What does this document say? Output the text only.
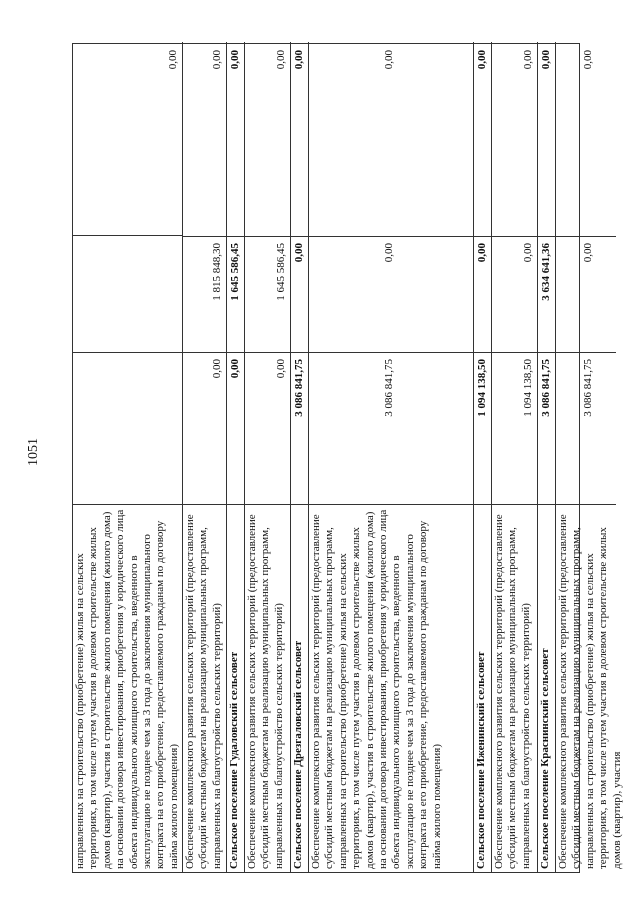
1051
направленных на строительство (приобретение) жилья на сельских территориях, в том числе путем участия в долевом строительстве жилых домов (квартир), участия в строительстве жилого помещения (жилого дома) на основании договора инвестирования, приобретения у юридического лица объекта индивидуального жилищного строительства, введенного в эксплуатацию не позднее чем за 3 года до заключения муниципального контракта на его приобретение, предоставляемого гражданам по договору найма жилого помещения)
0,00
Обеспечение комплексного развития сельских территорий (предоставление субсидий местным бюджетам на реализацию муниципальных программ, направленных на благоустройство сельских территорий)
0,00
1 815 848,30
0,00
Сельское поселение Гудаловский сельсовет
0,00
1 645 586,45
0,00
Обеспечение комплексного развития сельских территорий (предоставление субсидий местным бюджетам на реализацию муниципальных программ, направленных на благоустройство сельских территорий)
0,00
1 645 586,45
0,00
Сельское поселение Дрезгаловский сельсовет
3 086 841,75
0,00
0,00
Обеспечение комплексного развития сельских территорий (предоставление субсидий местным бюджетам на реализацию муниципальных программ, направленных на строительство (приобретение) жилья на сельских территориях, в том числе путем участия в долевом строительстве жилых домов (квартир), участия в строительстве жилого помещения (жилого дома) на основании договора инвестирования, приобретения у юридического лица объекта индивидуального жилищного строительства, введенного в эксплуатацию не позднее чем за 3 года до заключения муниципального контракта на его приобретение, предоставляемого гражданам по договору найма жилого помещения)
3 086 841,75
0,00
0,00
Сельское поселение Иженинский сельсовет
1 094 138,50
0,00
0,00
Обеспечение комплексного развития сельских территорий (предоставление субсидий местным бюджетам на реализацию муниципальных программ, направленных на благоустройство сельских территорий)
1 094 138,50
0,00
0,00
Сельское поселение Краснинский сельсовет
3 086 841,75
3 634 641,36
0,00
Обеспечение комплексного развития сельских территорий (предоставление субсидий местным бюджетам на реализацию муниципальных программ, направленных на строительство (приобретение) жилья на сельских территориях, в том числе путем участия в долевом строительстве жилых домов (квартир), участия
3 086 841,75
0,00
0,00
